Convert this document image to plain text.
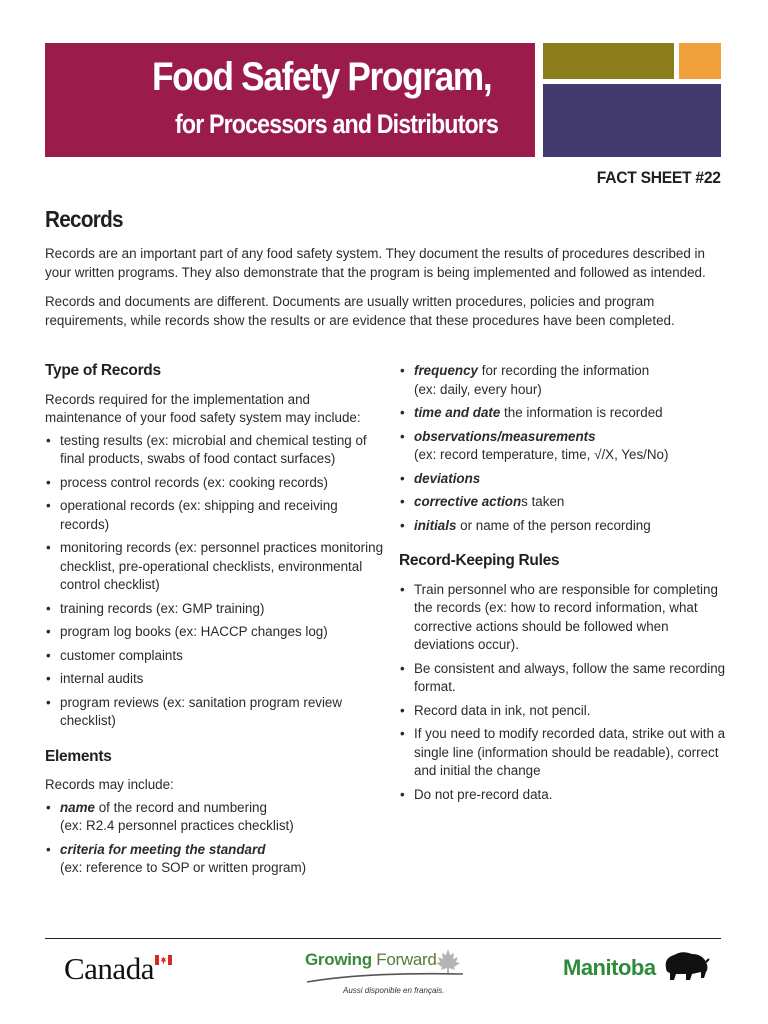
Food Safety Program,
for Processors and Distributors
FACT SHEET #22
Records

Records are an important part of any food safety system. They document the results of procedures described in your written programs. They also demonstrate that the program is being implemented and followed as intended.

Records and documents are different. Documents are usually written procedures, policies and program requirements, while records show the results or are evidence that these procedures have been completed.

Type of Records

Records required for the implementation and maintenance of your food safety system may include:

• testing results (ex: microbial and chemical testing of final products, swabs of food contact surfaces)
• process control records (ex: cooking records)
• operational records (ex: shipping and receiving records)
• monitoring records (ex: personnel practices monitoring checklist, pre-operational checklists, environmental control checklist)
• training records (ex: GMP training)
• program log books (ex: HACCP changes log)
• customer complaints
• internal audits
• program reviews (ex: sanitation program review checklist)
Elements

Records may include:

• name of the record and numbering
(ex: R2.4 personnel practices checklist)
• criteria for meeting the standard
(ex: reference to SOP or written program)
• frequency for recording the information
(ex: daily, every hour)
• time and date the information is recorded
• observations/measurements
(ex: record temperature, time, √/X, Yes/No)
• deviations
• corrective actions taken
• initials or name of the person recording
Record-Keeping Rules
• Train personnel who are responsible for completing the records (ex: how to record information, what corrective actions should be followed when deviations occur).
• Be consistent and always, follow the same recording format.
• Record data in ink, not pencil.
• If you need to modify recorded data, strike out with a single line (information should be readable), correct and initial the change
• Do not pre-record data.
Canada	Growing Forward
Aussi disponible en français.
Manitoba
